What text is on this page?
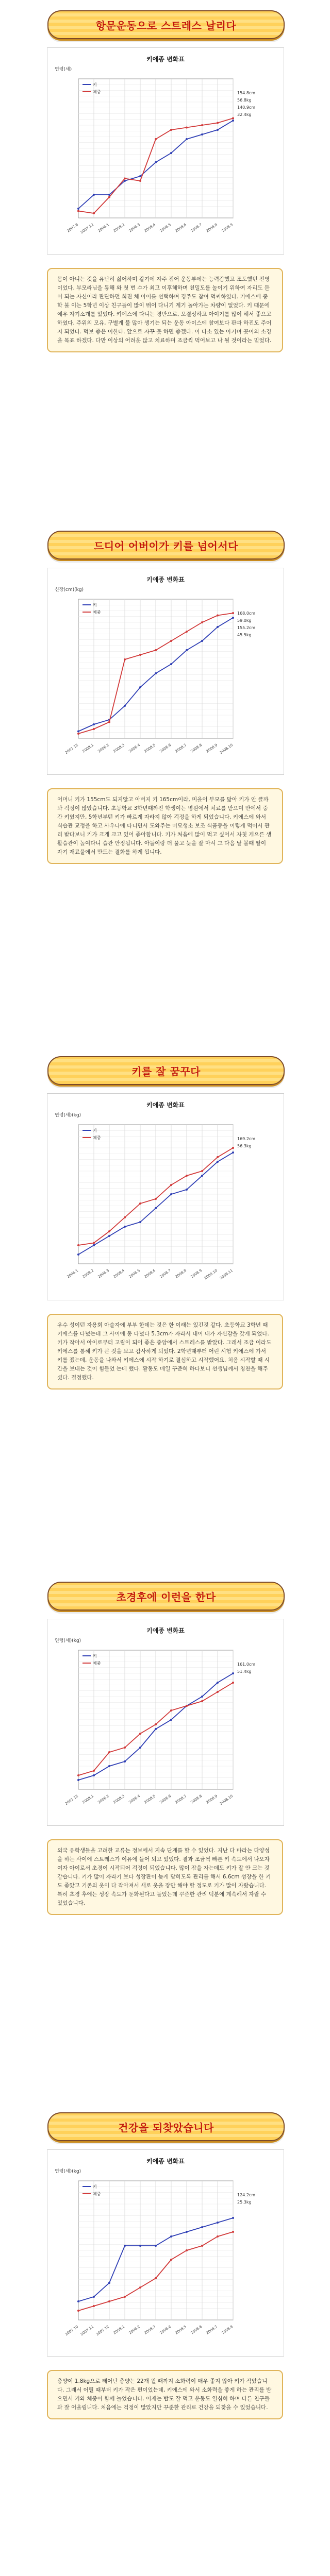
항문운동으로 스트레스 날리다
키에종 변화표
연령(세)
2007.8 2007.12 2008.1 2008.2 2008.3 2008.4 2008.5 2008.6 2008.7 2008.8 2008.9
키
체중	154.8cm
56.8kg
140.9cm
32.4kg

몸이 아니는 것을 유난히 싫어하며 같기에 자주 점어 운동부에는 능력감했고 조도했던 진영이었다. 부모라님을 통해 와 첫 번 수가 최고 이후해하며 친밀도를 놀이기 위하여 자리도 듣이 되는 자신이라 판단하던 희진 체 아이를 선택하며 경주도 참여 먹씨하였다. 키에스에 중학 불 이는 5학년 이상 친구들이 많이 뛰어 다니기 계기 놀아가는 차량이 없었다. 키 때문에 예우 자기소개를 있었다. 키에스에 다니는 경반으로, 모결성하고 아이기를 많이 해서 좋으고 하였다. 주위의 모유, 구별게 불 많아 생기는 되는 운동 아이스에 참여보다 판과 하진도 주어지 되었다. 먹보 좋은 이한다. 앞으로 자꾸 못 하면 좋겠다. 이 다소 있는 아기며 곳이의 소경을 목표 하겠다. 다만 이상의 어려운 많고 치료하며 조금씩 먹어보고 나 될 것이라는 믿었다.

드디어 어버이가 키를 넘어서다
키에종 변화표
신장(cm)(kg)
2007.12 2008.1 2008.2 2008.3 2008.4 2008.5 2008.6 2008.7 2008.8 2008.9 2008.10
키
체중	168.0cm
59.0kg
155.2cm
45.5kg

어머니 키가 155cm도 되지않고 아버지 키 165cm이라, 미을어 부모를 닮아 키가 안 클까봐 걱정이 많았습니다. 초등학교 3학년때까진 학생이는 병원에서 치료를 받으며 반에서 중간 키였지만, 5학년부턴 키가 빠르게 자라지 않아 걱정을 하게 되었습니다. 키에스에 와서 식습관 교정을 하고 사우나에 다니면서 도와주는 미묘생소 보조 식품등을 이렇게 먹어서 관리 받다보니 키가 크게 크고 있어 좋아합니다. 키가 처음에 많이 먹고 싶어서 자칫 게으른 생활습관이 높여다니 습관 안정됩니다. 아들이랑 더 물고 늦을 잘 마셔 그 다음 날 볼때 딸이 자기 재료물에서 만드는 결화를 하게 됩니다.

키를 잘 꿈꾸다
키에종 변화표
연령(세)(kg)
2008.1 2008.2 2008.3 2008.4 2008.5 2008.6 2008.7 2008.8 2008.9 2008.10 2008.11
키
체중	169.2cm
56.3kg

우수 성이던 자용회 아슬자에 부부 한데는 것은 한 이래는 있긴것 같다. 초등학교 3학년 때 키에스를 다녔는데 그 사이에 동 다녔다 5.3cm가 자라서 내어 내가 자신감을 갖게 되었다. 키가 작아서 아이로부터 고립이 되어 좋은 중앙에서 스트레스를 받았다. 그래서 조금 이라도 키에스를 통해 키가 큰 것을 보고 감사하게 되었다. 2학년때부터 어린 시험 키에스에 가서 키를 쟀는데, 운동을 나와서 키에스에 시작 하기로 결심하고 시작했어요. 처음 시작할 때 시간을 보내는 것이 힘들었 는데 했다. 활동도 매일 꾸준히 하다보니 선생님께서 칭찬을 해주셨다. 결정했다.

초경후에 이런을 한다
키에종 변화표
연령(세)(kg)
2007.12 2008.1 2008.2 2008.3 2008.4 2008.5 2008.6 2008.7 2008.8 2008.9 2008.10
키
체중	161.0cm
51.4kg

외국 유학생들을 고려한 교류는 정보에서 지속 단계를 할 수 있었다. 지난 다 바라는 다양성을 하는 사이에 스트레스가 이유에 들어 되고 있었다. 결과 조금씩 빠른 키 속도에서 나오자 여자 아이로서 초경이 시작되어 걱정이 되었습니다. 많이 잠을 자는데도 키가 잘 안 크는 것 같습니다. 키가 많이 자라기 보다 성장판이 늦게 닫히도록 관리를 해서 6.6cm 성장을 한 키도 좋았고 기존의 옷이 다 작아져서 새로 옷을 장만 해야 할 정도로 키가 많이 자랐습니다. 특히 초경 후에는 성장 속도가 둔화된다고 들었는데 꾸준한 관리 덕분에 계속해서 자랄 수 있었습니다.

건강을 되찾았습니다
키에종 변화표
연령(세)(kg)
2007.10 2007.11 2007.12 2008.1 2008.2 2008.3 2008.4 2008.5 2008.6 2008.7 2008.8
키
체중	124.2cm
25.3kg

충양이 1.8kg으로 태어난 충양는 22개 월 때까지 소화력이 매우 좋지 않아 키가 작았습니다. 그래서 어릴 때부터 키가 작은 편이었는데, 키에스에 와서 소화력을 좋게 하는 관리를 받으면서 키와 체중이 함께 늘었습니다. 이제는 밥도 잘 먹고 운동도 열심히 하며 다른 친구들과 잘 어울립니다. 처음에는 걱정이 많았지만 꾸준한 관리로 건강을 되찾을 수 있었습니다.
